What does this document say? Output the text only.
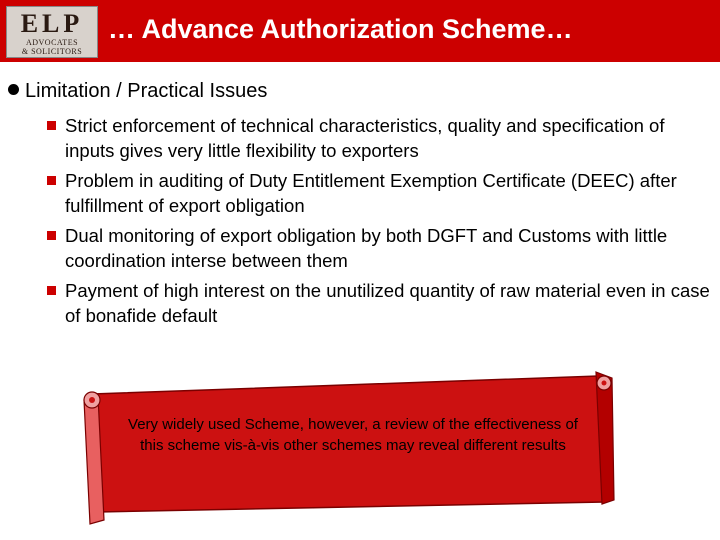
ELP
ADVOCATES
& SOLICITORS
… Advance Authorization Scheme…
Limitation / Practical Issues
Strict enforcement of technical characteristics, quality and specification of inputs gives very little flexibility to exporters
Problem in auditing of Duty Entitlement Exemption Certificate (DEEC) after fulfillment of export obligation
Dual monitoring of export obligation by both DGFT and Customs with little coordination interse between them
Payment of high interest on the unutilized quantity of raw material even in case of bonafide default
Very widely used Scheme, however, a review of the effectiveness of this scheme vis-à-vis other schemes may reveal different results
